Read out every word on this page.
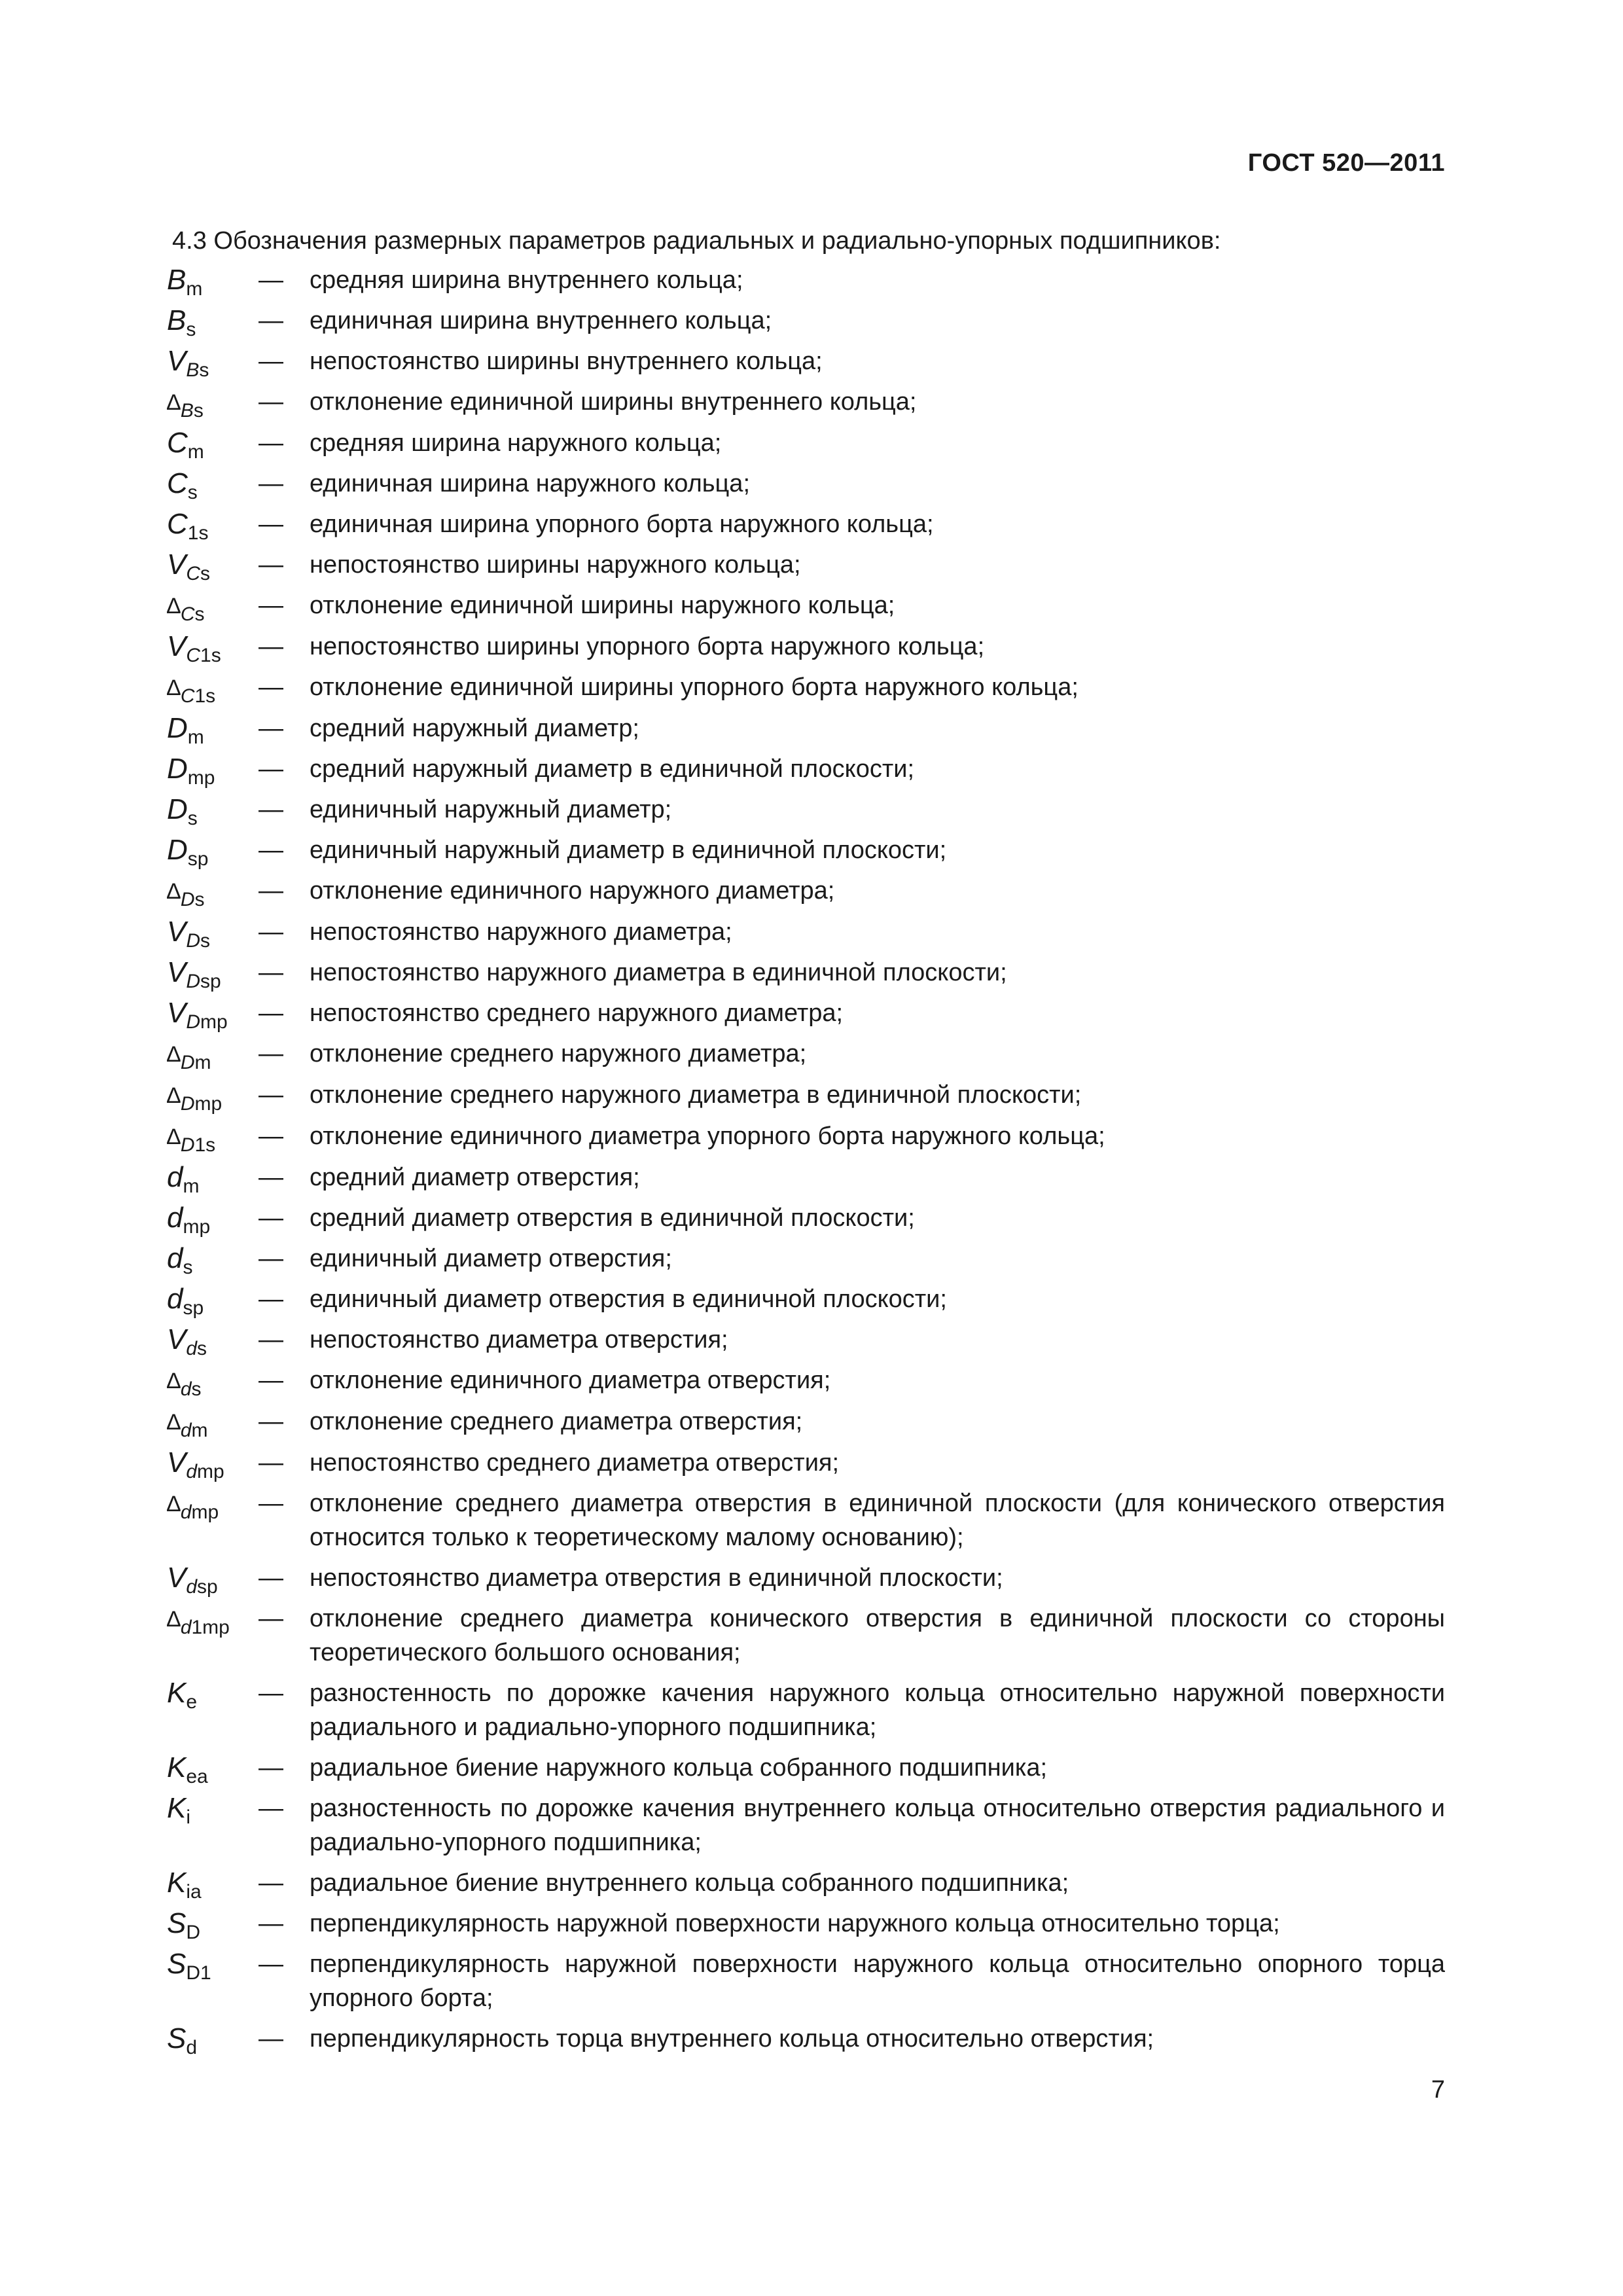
ГОСТ 520—2011
4.3 Обозначения размерных параметров радиальных и радиально-упорных подшипников:
$B_m$	—	средняя ширина внутреннего кольца;
$B_s$	—	единичная ширина внутреннего кольца;
$V_{Bs}$	—	непостоянство ширины внутреннего кольца;
$\Delta_{Bs}$	—	отклонение единичной ширины внутреннего кольца;
$C_m$	—	средняя ширина наружного кольца;
$C_s$	—	единичная ширина наружного кольца;
$C_{1s}$	—	единичная ширина упорного борта наружного кольца;
$V_{Cs}$	—	непостоянство ширины наружного кольца;
$\Delta_{Cs}$	—	отклонение единичной ширины наружного кольца;
$V_{C1s}$	—	непостоянство ширины упорного борта наружного кольца;
$\Delta_{C1s}$	—	отклонение единичной ширины упорного борта наружного кольца;
$D_m$	—	средний наружный диаметр;
$D_{mp}$	—	средний наружный диаметр в единичной плоскости;
$D_s$	—	единичный наружный диаметр;
$D_{sp}$	—	единичный наружный диаметр в единичной плоскости;
$\Delta_{Ds}$	—	отклонение единичного наружного диаметра;
$V_{Ds}$	—	непостоянство наружного диаметра;
$V_{Dsp}$	—	непостоянство наружного диаметра в единичной плоскости;
$V_{Dmp}$	—	непостоянство среднего наружного диаметра;
$\Delta_{Dm}$	—	отклонение среднего наружного диаметра;
$\Delta_{Dmp}$	—	отклонение среднего наружного диаметра в единичной плоскости;
$\Delta_{D1s}$	—	отклонение единичного диаметра упорного борта наружного кольца;
$d_m$	—	средний диаметр отверстия;
$d_{mp}$	—	средний диаметр отверстия в единичной плоскости;
$d_s$	—	единичный диаметр отверстия;
$d_{sp}$	—	единичный диаметр отверстия в единичной плоскости;
$V_{ds}$	—	непостоянство диаметра отверстия;
$\Delta_{ds}$	—	отклонение единичного диаметра отверстия;
$\Delta_{dm}$	—	отклонение среднего диаметра отверстия;
$V_{dmp}$	—	непостоянство среднего диаметра отверстия;
$\Delta_{dmp}$	—	отклонение среднего диаметра отверстия в единичной плоскости (для конического отверстия относится только к теоретическому малому основанию);
$V_{dsp}$	—	непостоянство диаметра отверстия в единичной плоскости;
$\Delta_{d1mp}$	—	отклонение среднего диаметра конического отверстия в единичной плоскости со стороны теоретического большого основания;
$K_e$	—	разностенность по дорожке качения наружного кольца относительно наружной поверхности радиального и радиально-упорного подшипника;
$K_{ea}$	—	радиальное биение наружного кольца собранного подшипника;
$K_i$	—	разностенность по дорожке качения внутреннего кольца относительно отверстия радиального и радиально-упорного подшипника;
$K_{ia}$	—	радиальное биение внутреннего кольца собранного подшипника;
$S_D$	—	перпендикулярность наружной поверхности наружного кольца относительно торца;
$S_{D1}$	—	перпендикулярность наружной поверхности наружного кольца относительно опорного торца упорного борта;
$S_d$	—	перпендикулярность торца внутреннего кольца относительно отверстия;
7
